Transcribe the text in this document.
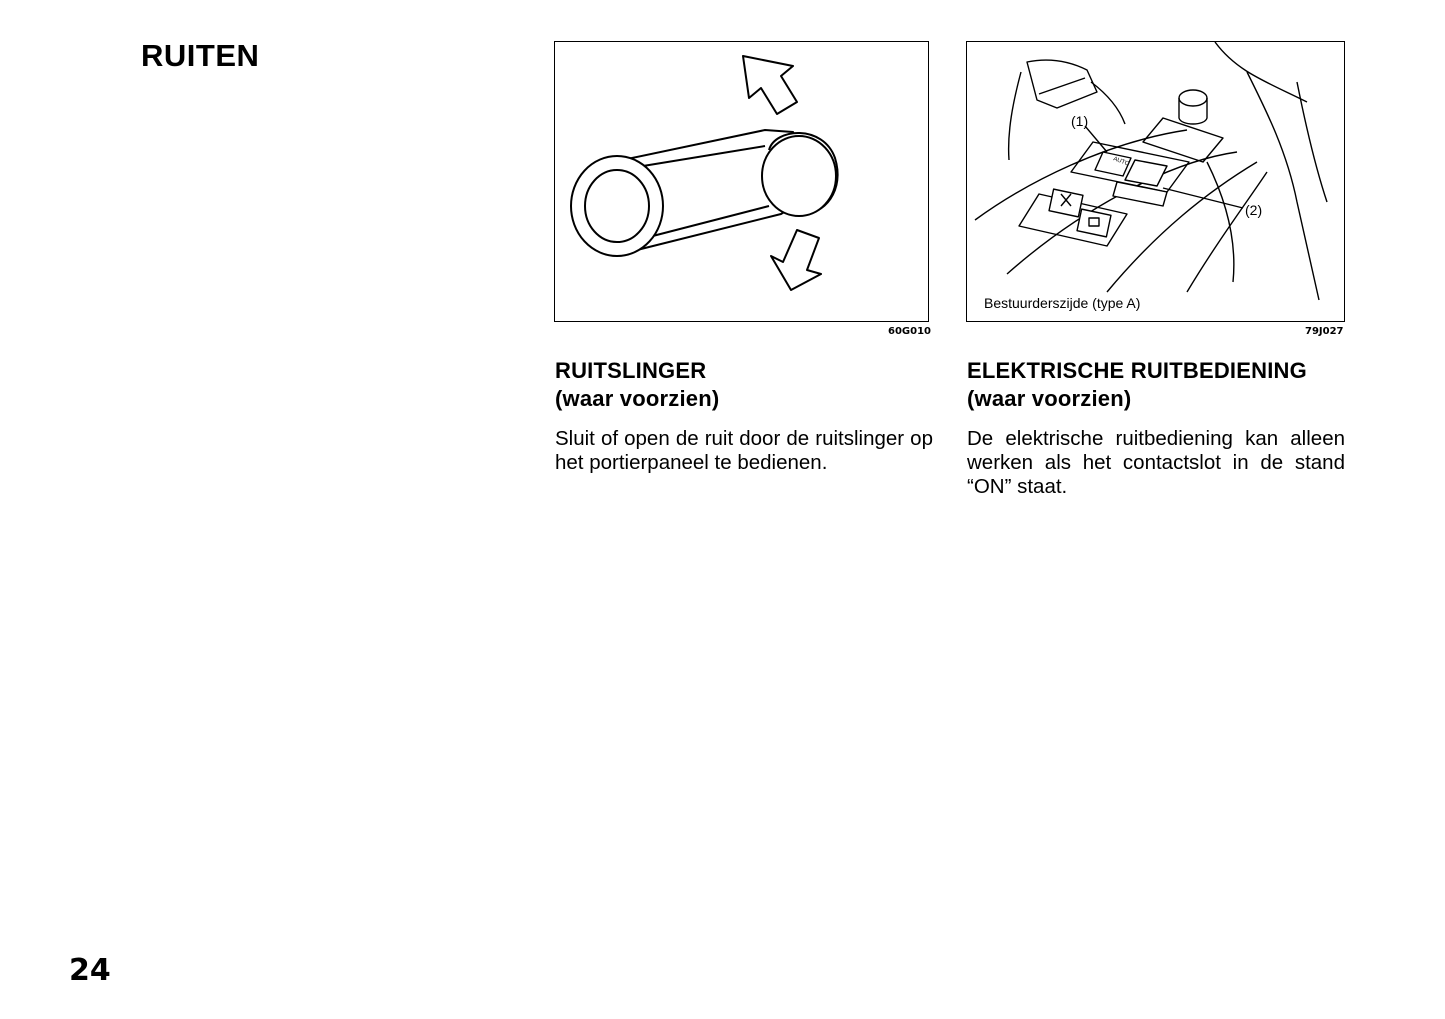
RUITEN
60G010
(1)
(2)
AUTO
Bestuurderszijde (type A)
79J027
RUITSLINGER
(waar voorzien)

Sluit of open de ruit door de ruitslinger op het portierpaneel te bedienen.

ELEKTRISCHE RUITBEDIENING
(waar voorzien)

De elektrische ruitbediening kan alleen werken als het contactslot in de stand “ON” staat.

24
